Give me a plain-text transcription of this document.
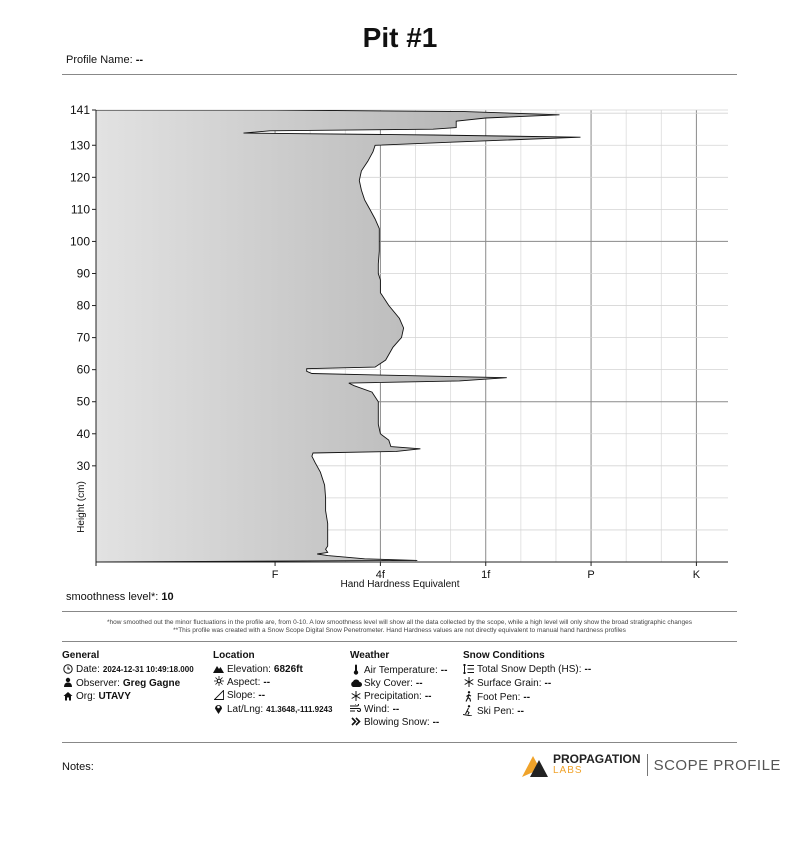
Pit #1
Profile Name: --
30
40
50
60
70
80
90
100
110
120
130
141
F	4f	1f	P	K
Height (cm)
Hand Hardness Equivalent
smoothness level*: 10
*how smoothed out the minor fluctuations in the profile are, from 0-10. A low smoothness level will show all the data collected by the scope, while a high level will only show the broad stratigraphic changes
**This profile was created with a Snow Scope Digital Snow Penetrometer. Hand Hardness values are not directly equivalent to manual hand hardness profiles
General
Date: 2024-12-31 10:49:18.000
Observer: Greg Gagne
Org: UTAVY
Location
Elevation: 6826ft
Aspect: --
Slope: --
Lat/Lng: 41.3648,-111.9243
Weather
Air Temperature: --
Sky Cover: --
Precipitation: --
Wind: --
Blowing Snow: --
Snow Conditions
Total Snow Depth (HS): --
Surface Grain: --
Foot Pen: --
Ski Pen: --
Notes:
PROPAGATION
LABS	SCOPE PROFILE
